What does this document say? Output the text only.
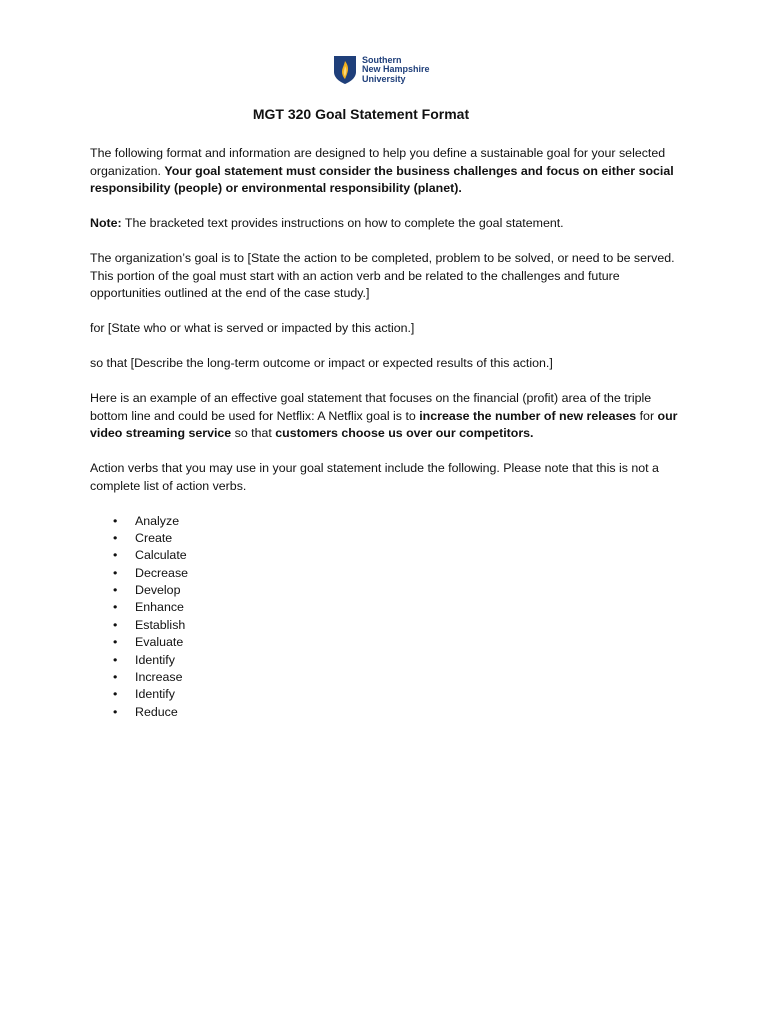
Southern
New Hampshire
University
MGT 320 Goal Statement Format

The following format and information are designed to help you define a sustainable goal for your selected organization. Your goal statement must consider the business challenges and focus on either social responsibility (people) or environmental responsibility (planet).

Note: The bracketed text provides instructions on how to complete the goal statement.

The organization’s goal is to [State the action to be completed, problem to be solved, or need to be served. This portion of the goal must start with an action verb and be related to the challenges and future opportunities outlined at the end of the case study.]

for [State who or what is served or impacted by this action.]

so that [Describe the long-term outcome or impact or expected results of this action.]

Here is an example of an effective goal statement that focuses on the financial (profit) area of the triple bottom line and could be used for Netflix: A Netflix goal is to increase the number of new releases for our video streaming service so that customers choose us over our competitors.

Action verbs that you may use in your goal statement include the following. Please note that this is not a complete list of action verbs.

• Analyze
• Create
• Calculate
• Decrease
• Develop
• Enhance
• Establish
• Evaluate
• Identify
• Increase
• Identify
• Reduce
